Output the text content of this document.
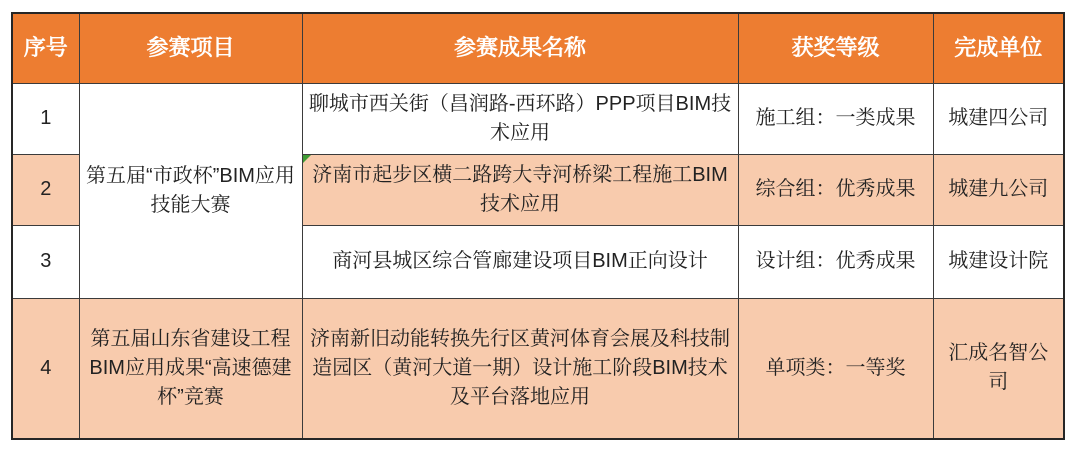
序号	参赛项目	参赛成果名称	获奖等级	完成单位
1	第五届“市政杯”BIM应用技能大赛	聊城市西关街（昌润路-西环路）PPP项目BIM技术应用	施工组：一类成果	城建四公司
2		济南市起步区横二路跨大寺河桥梁工程施工BIM技术应用	综合组：优秀成果	城建九公司
3		商河县城区综合管廊建设项目BIM正向设计	设计组：优秀成果	城建设计院
4	第五届山东省建设工程BIM应用成果“高速德建杯”竞赛	济南新旧动能转换先行区黄河体育会展及科技制造园区（黄河大道一期）设计施工阶段BIM技术及平台落地应用	单项类：一等奖	汇成名智公司
